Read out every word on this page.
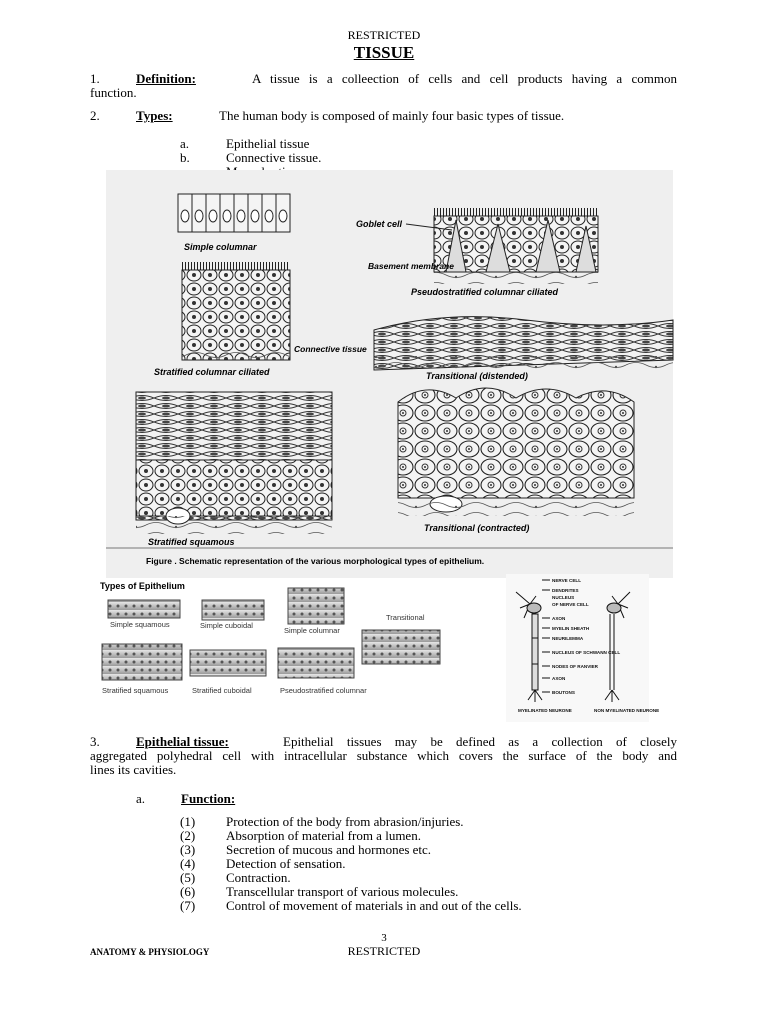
RESTRICTED
TISSUE
1.	Definition:	A tissue is a colleection of cells and cell products having a common
function.
2.	Types:	The human body is composed of mainly four basic types of tissue.
a.	Epithelial tissue
b.	Connective tissue.
Simple columnar
Goblet cell
Basement membrane
Pseudostratified columnar ciliated
Connective tissue
Stratified columnar ciliated	Transitional (distended)
Stratified squamous
Transitional (contracted)
Figure . Schematic representation of the various morphological types of epithelium.
Types of Epithelium
Simple squamous	Simple cuboidal
Simple columnar
Transitional
Stratified squamous	Stratified cuboidal	Pseudostratified columnar
NERVE CELL
DENDRITES
NUCLEUS
OF NERVE CELL
AXON
MYELIN SHEATH
NEURILEMMA
NUCLEUS OF SCHWANN CELL
NODES OF RANVIER
AXON
BOUTONS
MYELINATED NEURONE	NON MYELINATED NEURONE
3.	Epithelial tissue:	Epithelial tissues may be defined as a collection of closely
aggregated polyhedral cell with intracellular substance which covers the surface of the body and
lines its cavities.
a.	Function:
(1) Protection of the body from abrasion/injuries.
(2) Absorption of material from a lumen.
(3) Secretion of mucous and hormones etc.
(4) Detection of sensation.
(5) Contraction.
(6) Transcellular transport of various molecules.
(7) Control of movement of materials in and out of the cells.
3
ANATOMY & PHYSIOLOGY	RESTRICTED
